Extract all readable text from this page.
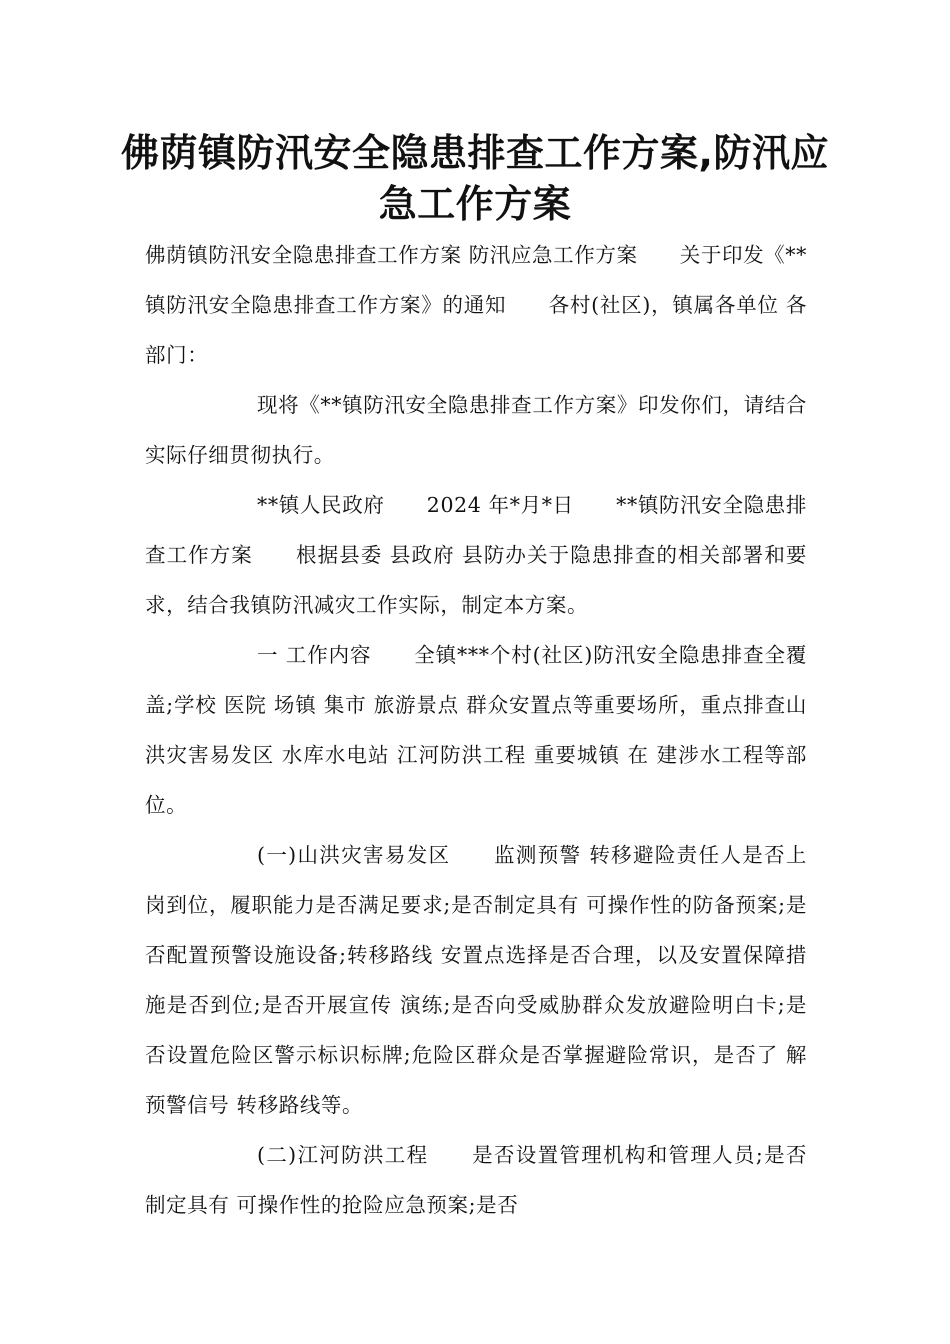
佛荫镇防汛安全隐患排查工作方案,防汛应急工作方案

佛荫镇防汛安全隐患排查工作方案 防汛应急工作方案　　关于印发《**镇防汛安全隐患排查工作方案》的通知　　各村(社区)，镇属各单位 各部门：

现将《**镇防汛安全隐患排查工作方案》印发你们，请结合实际仔细贯彻执行。

**镇人民政府　　2024 年*月*日　　**镇防汛安全隐患排查工作方案　　根据县委 县政府 县防办关于隐患排查的相关部署和要求，结合我镇防汛减灾工作实际，制定本方案。

一 工作内容　　全镇***个村(社区)防汛安全隐患排查全覆盖;学校 医院 场镇 集市 旅游景点 群众安置点等重要场所，重点排查山洪灾害易发区 水库水电站 江河防洪工程 重要城镇 在 建涉水工程等部位。

(一)山洪灾害易发区　　监测预警 转移避险责任人是否上岗到位，履职能力是否满足要求;是否制定具有 可操作性的防备预案;是否配置预警设施设备;转移路线 安置点选择是否合理，以及安置保障措施是否到位;是否开展宣传 演练;是否向受威胁群众发放避险明白卡;是否设置危险区警示标识标牌;危险区群众是否掌握避险常识，是否了 解预警信号 转移路线等。

(二)江河防洪工程　　是否设置管理机构和管理人员;是否制定具有 可操作性的抢险应急预案;是否
